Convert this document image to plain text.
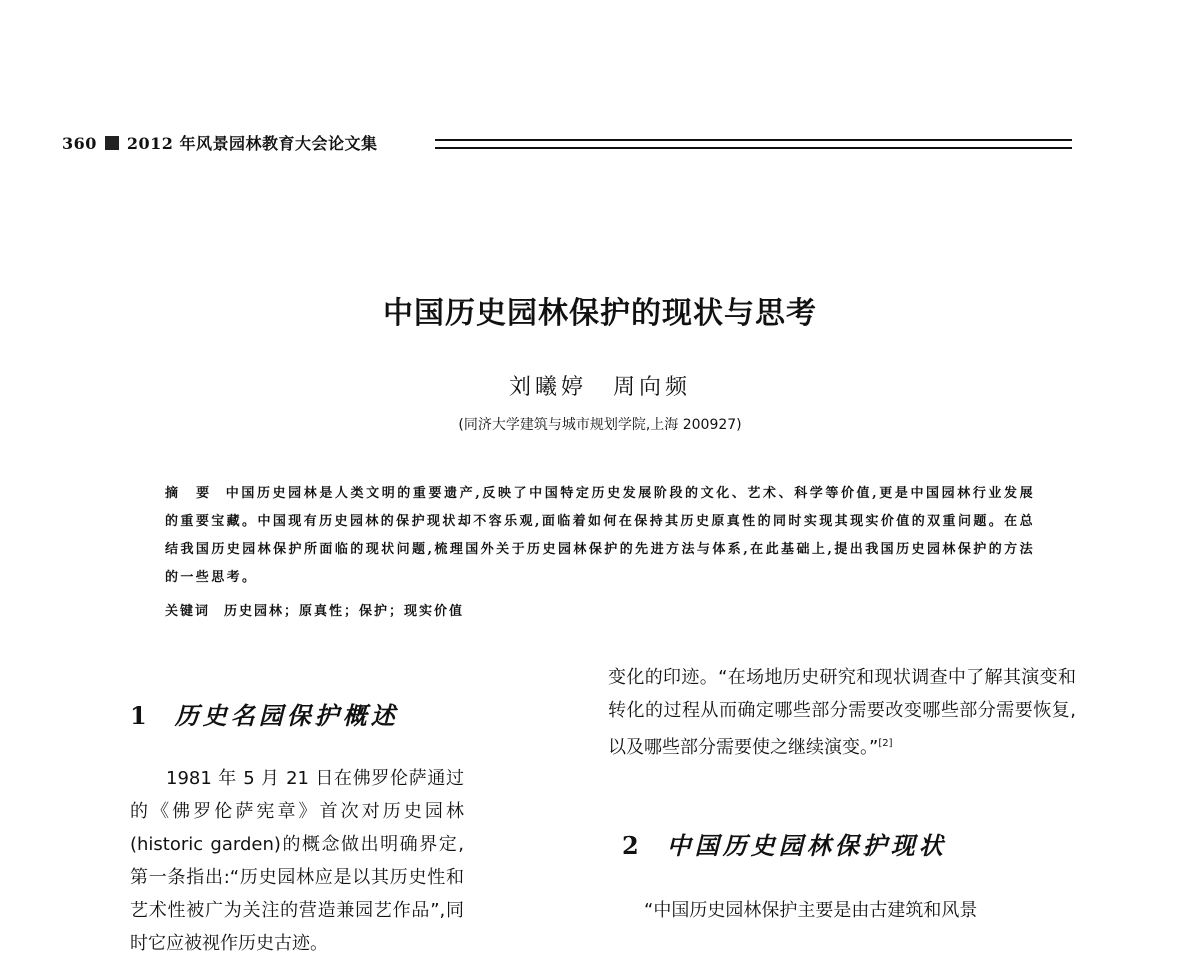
360 2012 年风景园林教育大会论文集
中国历史园林保护的现状与思考
刘曦婷　周向频
(同济大学建筑与城市规划学院,上海 200927)
摘　要 中国历史园林是人类文明的重要遗产,反映了中国特定历史发展阶段的文化、艺术、科学等价值,更是中国园林行业发展的重要宝藏。中国现有历史园林的保护现状却不容乐观,面临着如何在保持其历史原真性的同时实现其现实价值的双重问题。在总结我国历史园林保护所面临的现状问题,梳理国外关于历史园林保护的先进方法与体系,在此基础上,提出我国历史园林保护的方法的一些思考。
关键词 历史园林；原真性；保护；现实价值
1 历史名园保护概述

1981 年 5 月 21 日在佛罗伦萨通过的《佛罗伦萨宪章》首次对历史园林(historic garden)的概念做出明确界定,第一条指出:“历史园林应是以其历史性和艺术性被广为关注的营造兼园艺作品”,同时它应被视作历史古迹。

变化的印迹。“在场地历史研究和现状调查中了解其演变和转化的过程从而确定哪些部分需要改变哪些部分需要恢复,以及哪些部分需要使之继续演变。”[2]

2 中国历史园林保护现状

“中国历史园林保护主要是由古建筑和风景
